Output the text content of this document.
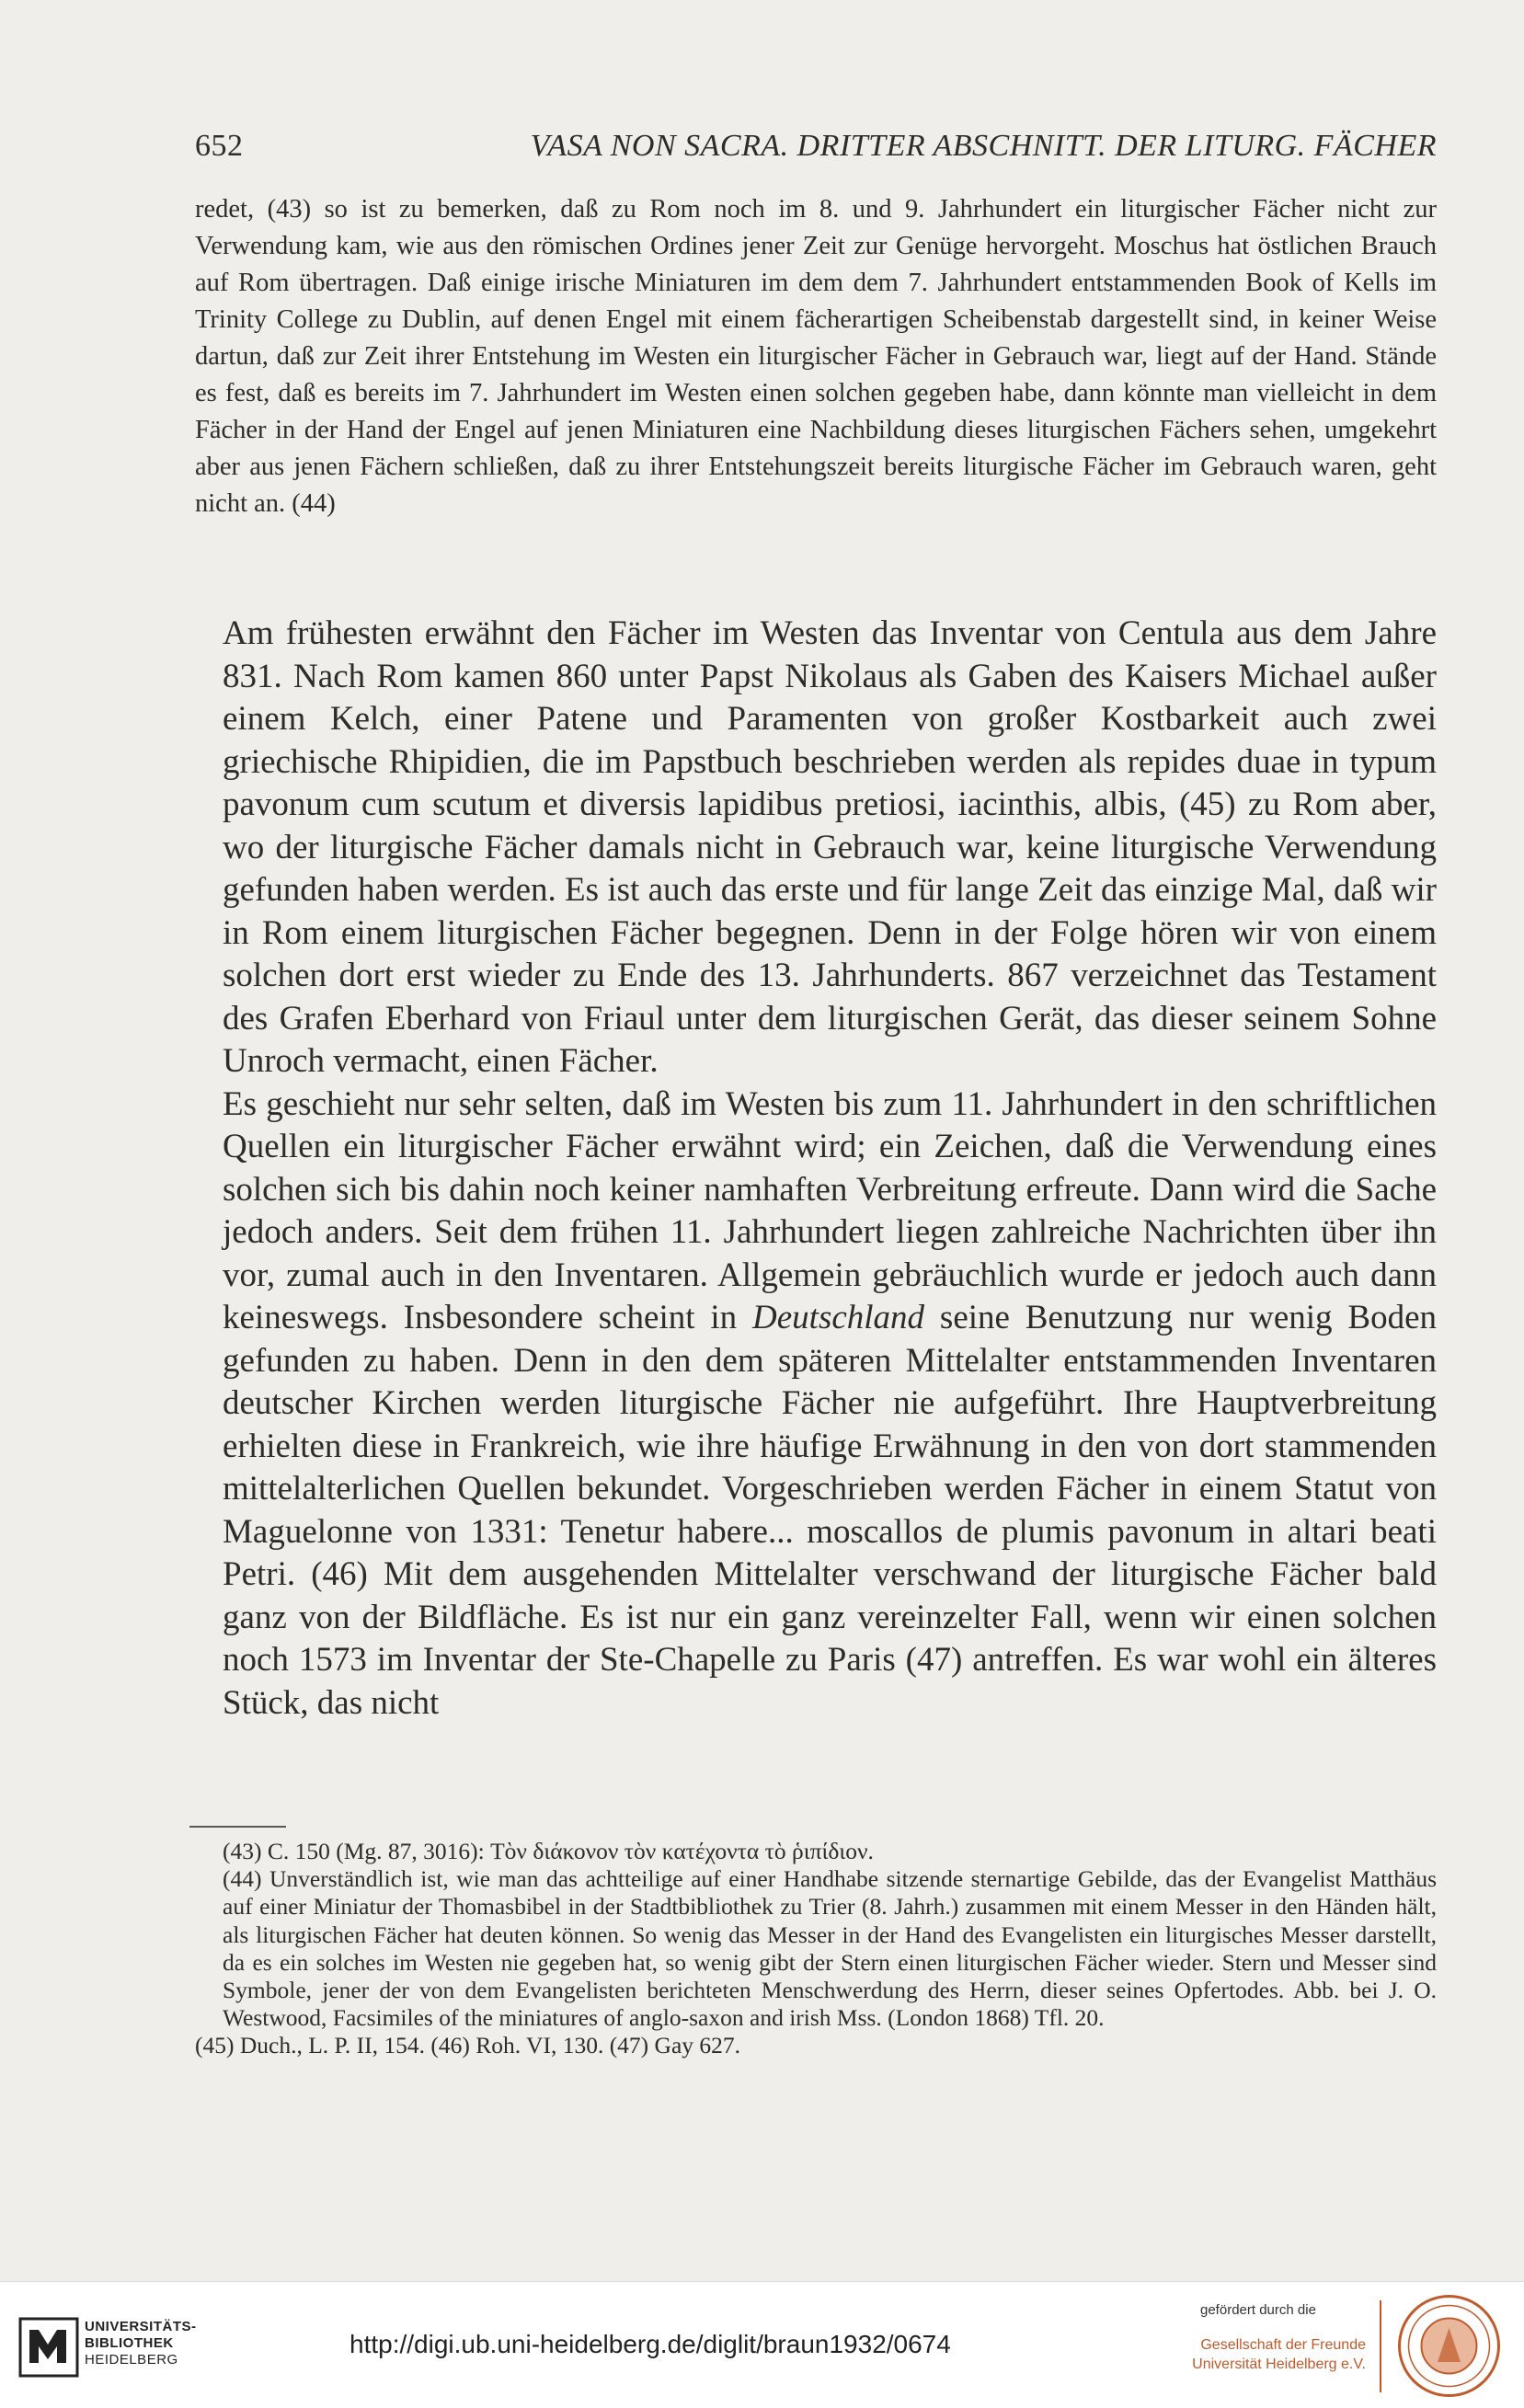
652	VASA NON SACRA. DRITTER ABSCHNITT. DER LITURG. FÄCHER
redet, (43) so ist zu bemerken, daß zu Rom noch im 8. und 9. Jahrhundert ein liturgischer Fächer nicht zur Verwendung kam, wie aus den römischen Ordines jener Zeit zur Genüge hervorgeht. Moschus hat östlichen Brauch auf Rom übertragen. Daß einige irische Miniaturen im dem dem 7. Jahrhundert entstammenden Book of Kells im Trinity College zu Dublin, auf denen Engel mit einem fächerartigen Scheibenstab dargestellt sind, in keiner Weise dartun, daß zur Zeit ihrer Entstehung im Westen ein liturgischer Fächer in Gebrauch war, liegt auf der Hand. Stände es fest, daß es bereits im 7. Jahrhundert im Westen einen solchen gegeben habe, dann könnte man vielleicht in dem Fächer in der Hand der Engel auf jenen Miniaturen eine Nachbildung dieses liturgischen Fächers sehen, umgekehrt aber aus jenen Fächern schließen, daß zu ihrer Entstehungszeit bereits liturgische Fächer im Gebrauch waren, geht nicht an. (44)

Am frühesten erwähnt den Fächer im Westen das Inventar von Centula aus dem Jahre 831. Nach Rom kamen 860 unter Papst Nikolaus als Gaben des Kaisers Michael außer einem Kelch, einer Patene und Paramenten von großer Kostbarkeit auch zwei griechische Rhipidien, die im Papstbuch beschrieben werden als repides duae in typum pavonum cum scutum et diversis lapidibus pretiosi, iacinthis, albis, (45) zu Rom aber, wo der liturgische Fächer damals nicht in Gebrauch war, keine liturgische Verwendung gefunden haben werden. Es ist auch das erste und für lange Zeit das einzige Mal, daß wir in Rom einem liturgischen Fächer begegnen. Denn in der Folge hören wir von einem solchen dort erst wieder zu Ende des 13. Jahrhunderts. 867 verzeichnet das Testament des Grafen Eberhard von Friaul unter dem liturgischen Gerät, das dieser seinem Sohne Unroch vermacht, einen Fächer.

Es geschieht nur sehr selten, daß im Westen bis zum 11. Jahrhundert in den schriftlichen Quellen ein liturgischer Fächer erwähnt wird; ein Zeichen, daß die Verwendung eines solchen sich bis dahin noch keiner namhaften Verbreitung erfreute. Dann wird die Sache jedoch anders. Seit dem frühen 11. Jahrhundert liegen zahlreiche Nachrichten über ihn vor, zumal auch in den Inventaren. Allgemein gebräuchlich wurde er jedoch auch dann keineswegs. Insbesondere scheint in Deutschland seine Benutzung nur wenig Boden gefunden zu haben. Denn in den dem späteren Mittelalter entstammenden Inventaren deutscher Kirchen werden liturgische Fächer nie aufgeführt. Ihre Hauptverbreitung erhielten diese in Frankreich, wie ihre häufige Erwähnung in den von dort stammenden mittelalterlichen Quellen bekundet. Vorgeschrieben werden Fächer in einem Statut von Maguelonne von 1331: Tenetur habere... moscallos de plumis pavonum in altari beati Petri. (46) Mit dem ausgehenden Mittelalter verschwand der liturgische Fächer bald ganz von der Bildfläche. Es ist nur ein ganz vereinzelter Fall, wenn wir einen solchen noch 1573 im Inventar der Ste-Chapelle zu Paris (47) antreffen. Es war wohl ein älteres Stück, das nicht

(43) C. 150 (Mg. 87, 3016): Τὸν διάκονον τὸν κατέχοντα τὸ ῥιπίδιον.

(44) Unverständlich ist, wie man das achtteilige auf einer Handhabe sitzende sternartige Gebilde, das der Evangelist Matthäus auf einer Miniatur der Thomasbibel in der Stadtbibliothek zu Trier (8. Jahrh.) zusammen mit einem Messer in den Händen hält, als liturgischen Fächer hat deuten können. So wenig das Messer in der Hand des Evangelisten ein liturgisches Messer darstellt, da es ein solches im Westen nie gegeben hat, so wenig gibt der Stern einen liturgischen Fächer wieder. Stern und Messer sind Symbole, jener der von dem Evangelisten berichteten Menschwerdung des Herrn, dieser seines Opfertodes. Abb. bei J. O. Westwood, Facsimiles of the miniatures of anglo-saxon and irish Mss. (London 1868) Tfl. 20.

(45) Duch., L. P. II, 154. (46) Roh. VI, 130. (47) Gay 627.

UNIVERSITÄTS-
BIBLIOTHEK
HEIDELBERG
http://digi.ub.uni-heidelberg.de/diglit/braun1932/0674
gefördert durch die
Gesellschaft der Freunde
Universität Heidelberg e.V.
